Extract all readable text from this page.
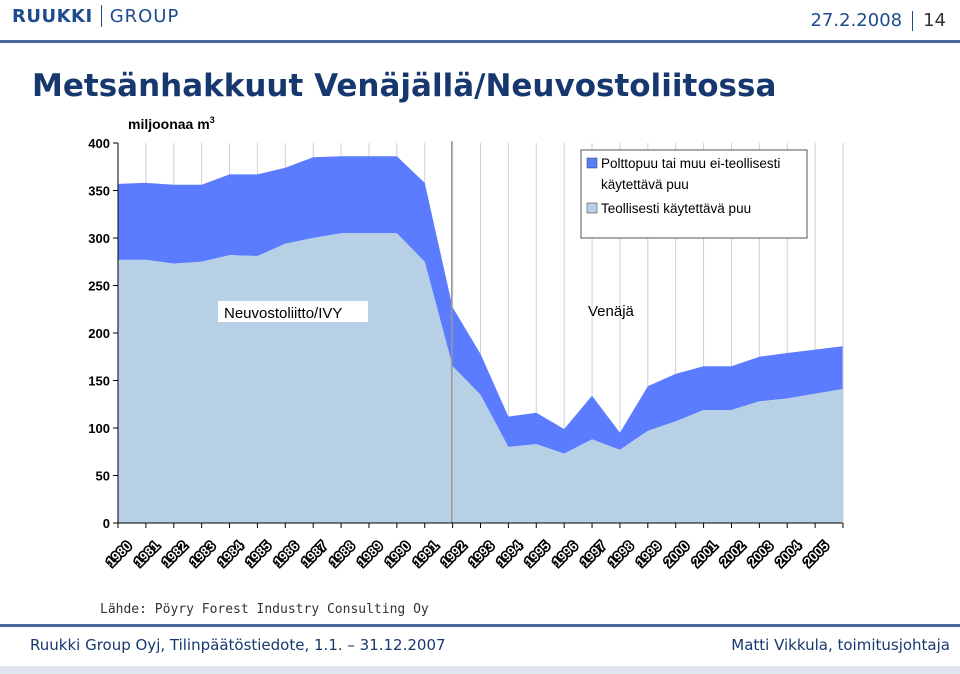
RUUKKI GROUP	27.2.2008 14
Metsänhakkuut Venäjällä/Neuvostoliitossa
0
50
100
150
200
250
300
350
400
1980
1981
1982
1983
1984
1985
1986
1987
1988
1989
1990
1991
1992
1993
1994
1995
1996
1997
1998
1999
2000
2001
2002
2003
2004
2005
miljoonaa $m^3$
Neuvostoliitto/IVY	Venäjä
Polttopuu tai muu ei-teollisesti
käytettävä puu
Teollisesti käytettävä puu
Lähde: Pöyry Forest Industry Consulting Oy
Ruukki Group Oyj, Tilinpäätöstiedote, 1.1. – 31.12.2007	Matti Vikkula, toimitusjohtaja
